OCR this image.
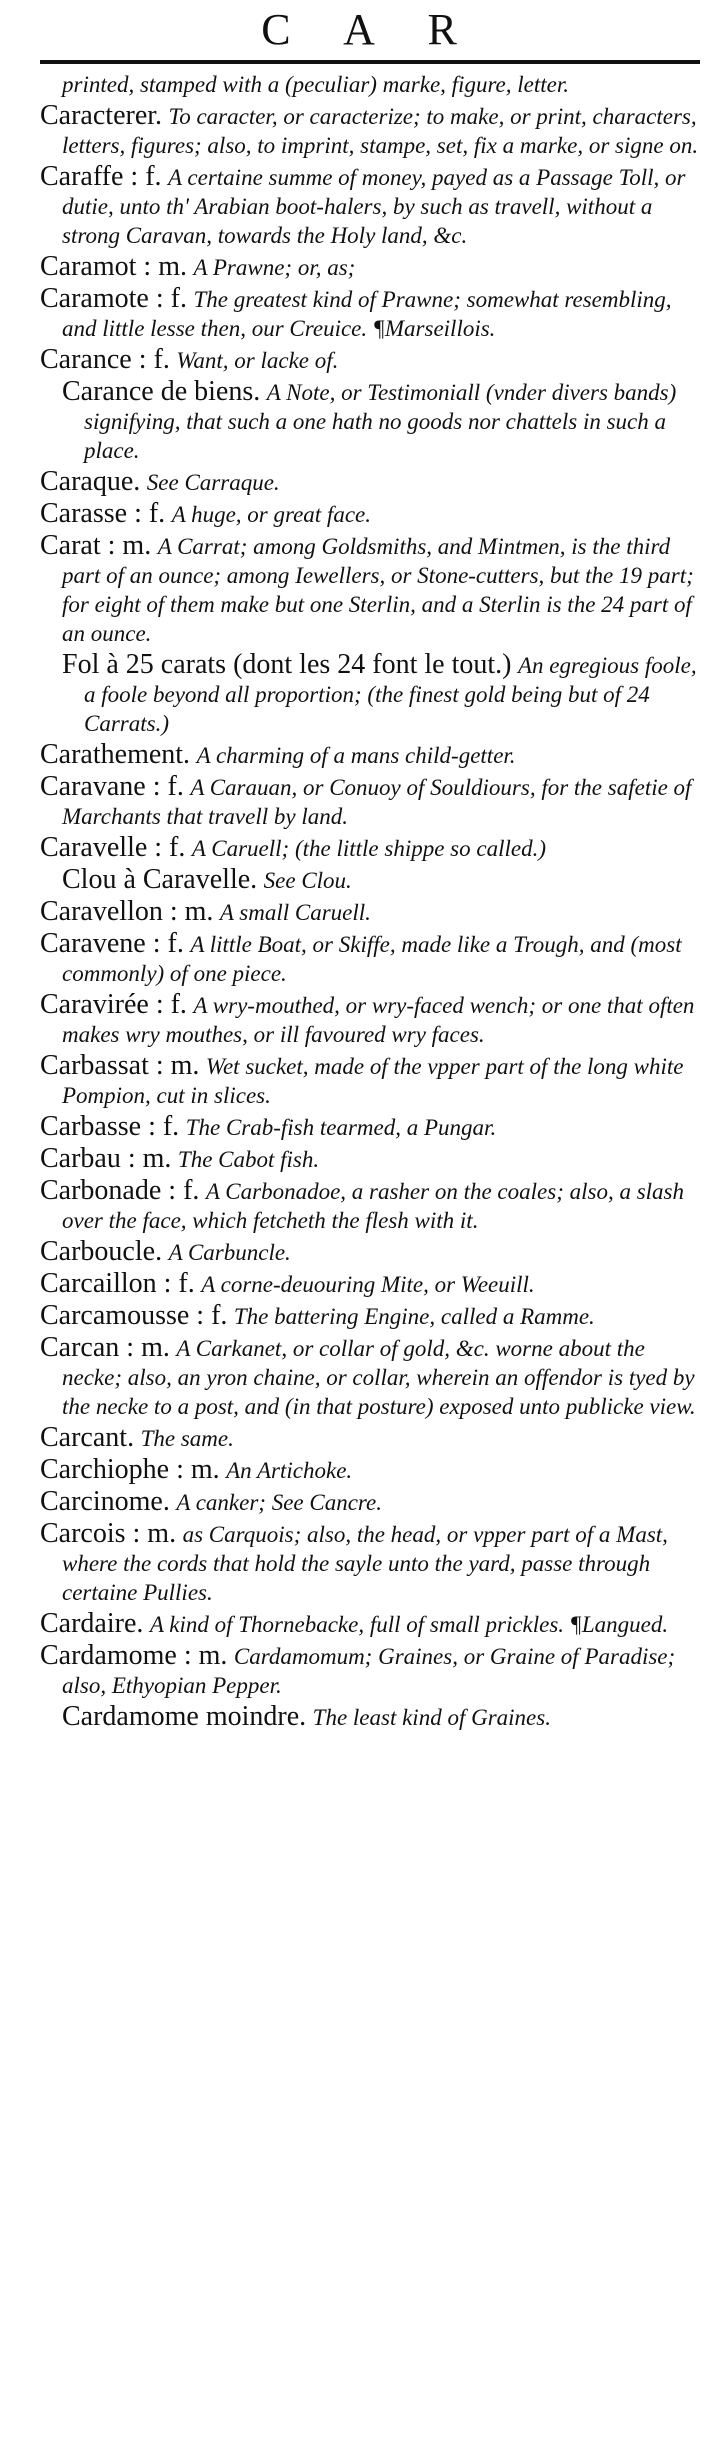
C A R

printed, stamped with a (peculiar) marke, figure, letter.

Caracterer. To caracter, or caracterize; to make, or print, characters, letters, figures; also, to imprint, stampe, set, fix a marke, or signe on.

Caraffe : f. A certaine summe of money, payed as a Passage Toll, or dutie, unto th' Arabian boot-halers, by such as travell, without a strong Caravan, towards the Holy land, &c.

Caramot : m. A Prawne; or, as;

Caramote : f. The greatest kind of Prawne; somewhat resembling, and little lesse then, our Creuice. ¶Marseillois.

Carance : f. Want, or lacke of.

Carance de biens. A Note, or Testimoniall (vnder divers bands) signifying, that such a one hath no goods nor chattels in such a place.

Caraque. See Carraque.

Carasse : f. A huge, or great face.

Carat : m. A Carrat; among Goldsmiths, and Mintmen, is the third part of an ounce; among Iewellers, or Stone-cutters, but the 19 part; for eight of them make but one Sterlin, and a Sterlin is the 24 part of an ounce.

Fol à 25 carats (dont les 24 font le tout.) An egregious foole, a foole beyond all proportion; (the finest gold being but of 24 Carrats.)

Carathement. A charming of a mans child-getter.

Caravane : f. A Carauan, or Conuoy of Souldiours, for the safetie of Marchants that travell by land.

Caravelle : f. A Caruell; (the little shippe so called.)

Clou à Caravelle. See Clou.

Caravellon : m. A small Caruell.

Caravene : f. A little Boat, or Skiffe, made like a Trough, and (most commonly) of one piece.

Caravirée : f. A wry-mouthed, or wry-faced wench; or one that often makes wry mouthes, or ill favoured wry faces.

Carbassat : m. Wet sucket, made of the vpper part of the long white Pompion, cut in slices.

Carbasse : f. The Crab-fish tearmed, a Pungar.

Carbau : m. The Cabot fish.

Carbonade : f. A Carbonadoe, a rasher on the coales; also, a slash over the face, which fetcheth the flesh with it.

Carboucle. A Carbuncle.

Carcaillon : f. A corne-deuouring Mite, or Weeuill.

Carcamousse : f. The battering Engine, called a Ramme.

Carcan : m. A Carkanet, or collar of gold, &c. worne about the necke; also, an yron chaine, or collar, wherein an offendor is tyed by the necke to a post, and (in that posture) exposed unto publicke view.

Carcant. The same.

Carchiophe : m. An Artichoke.

Carcinome. A canker; See Cancre.

Carcois : m. as Carquois; also, the head, or vpper part of a Mast, where the cords that hold the sayle unto the yard, passe through certaine Pullies.

Cardaire. A kind of Thornebacke, full of small prickles. ¶Langued.

Cardamome : m. Cardamomum; Graines, or Graine of Paradise; also, Ethyopian Pepper.

Cardamome moindre. The least kind of Graines.
